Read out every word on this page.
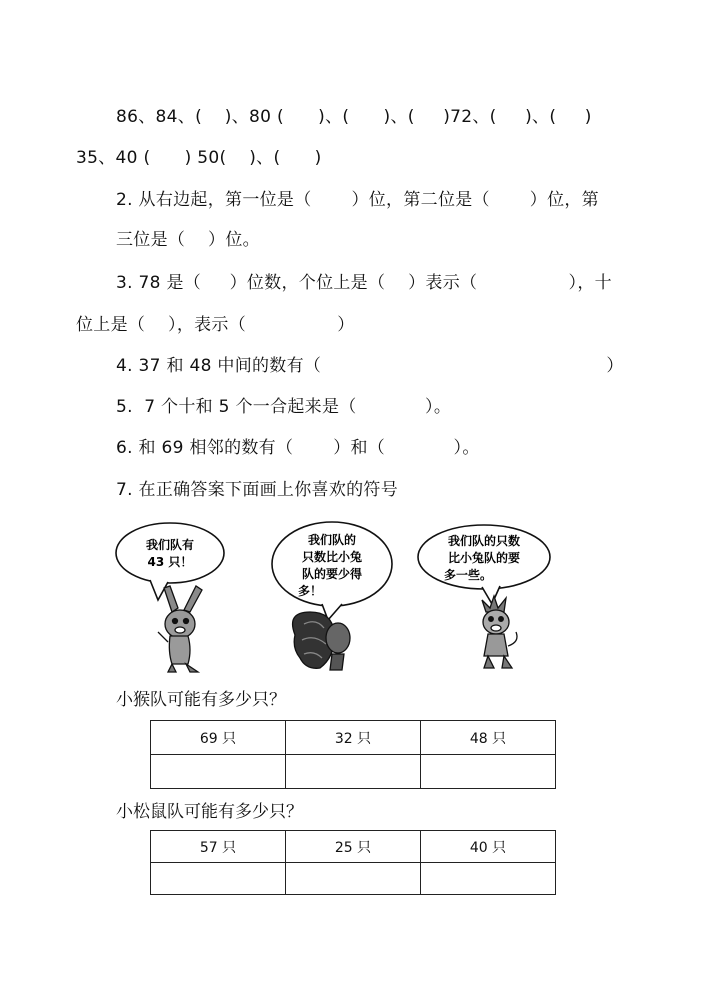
86、84、(    )、80 (      )、(      )、(     )72、(     )、(     )
35、40 (      ) 50(    )、(      )
2. 从右边起，第一位是（       ）位，第二位是（       ）位，第
三位是（    ）位。
3. 78 是（     ）位数，个位上是（    ）表示（                ），十
位上是（    ），表示（                ）
4. 37 和 48 中间的数有（                                                  ）
5.  7 个十和 5 个一合起来是（            ）。
6. 和 69 相邻的数有（       ）和（            ）。
7. 在正确答案下面画上你喜欢的符号
我们队有
43 只！
我们队的
只数比小兔
队的要少得
多！
我们队的只数
比小兔队的要
多一些。
小猴队可能有多少只？
69 只	32 只	48 只

小松鼠队可能有多少只？
57 只	25 只	40 只
